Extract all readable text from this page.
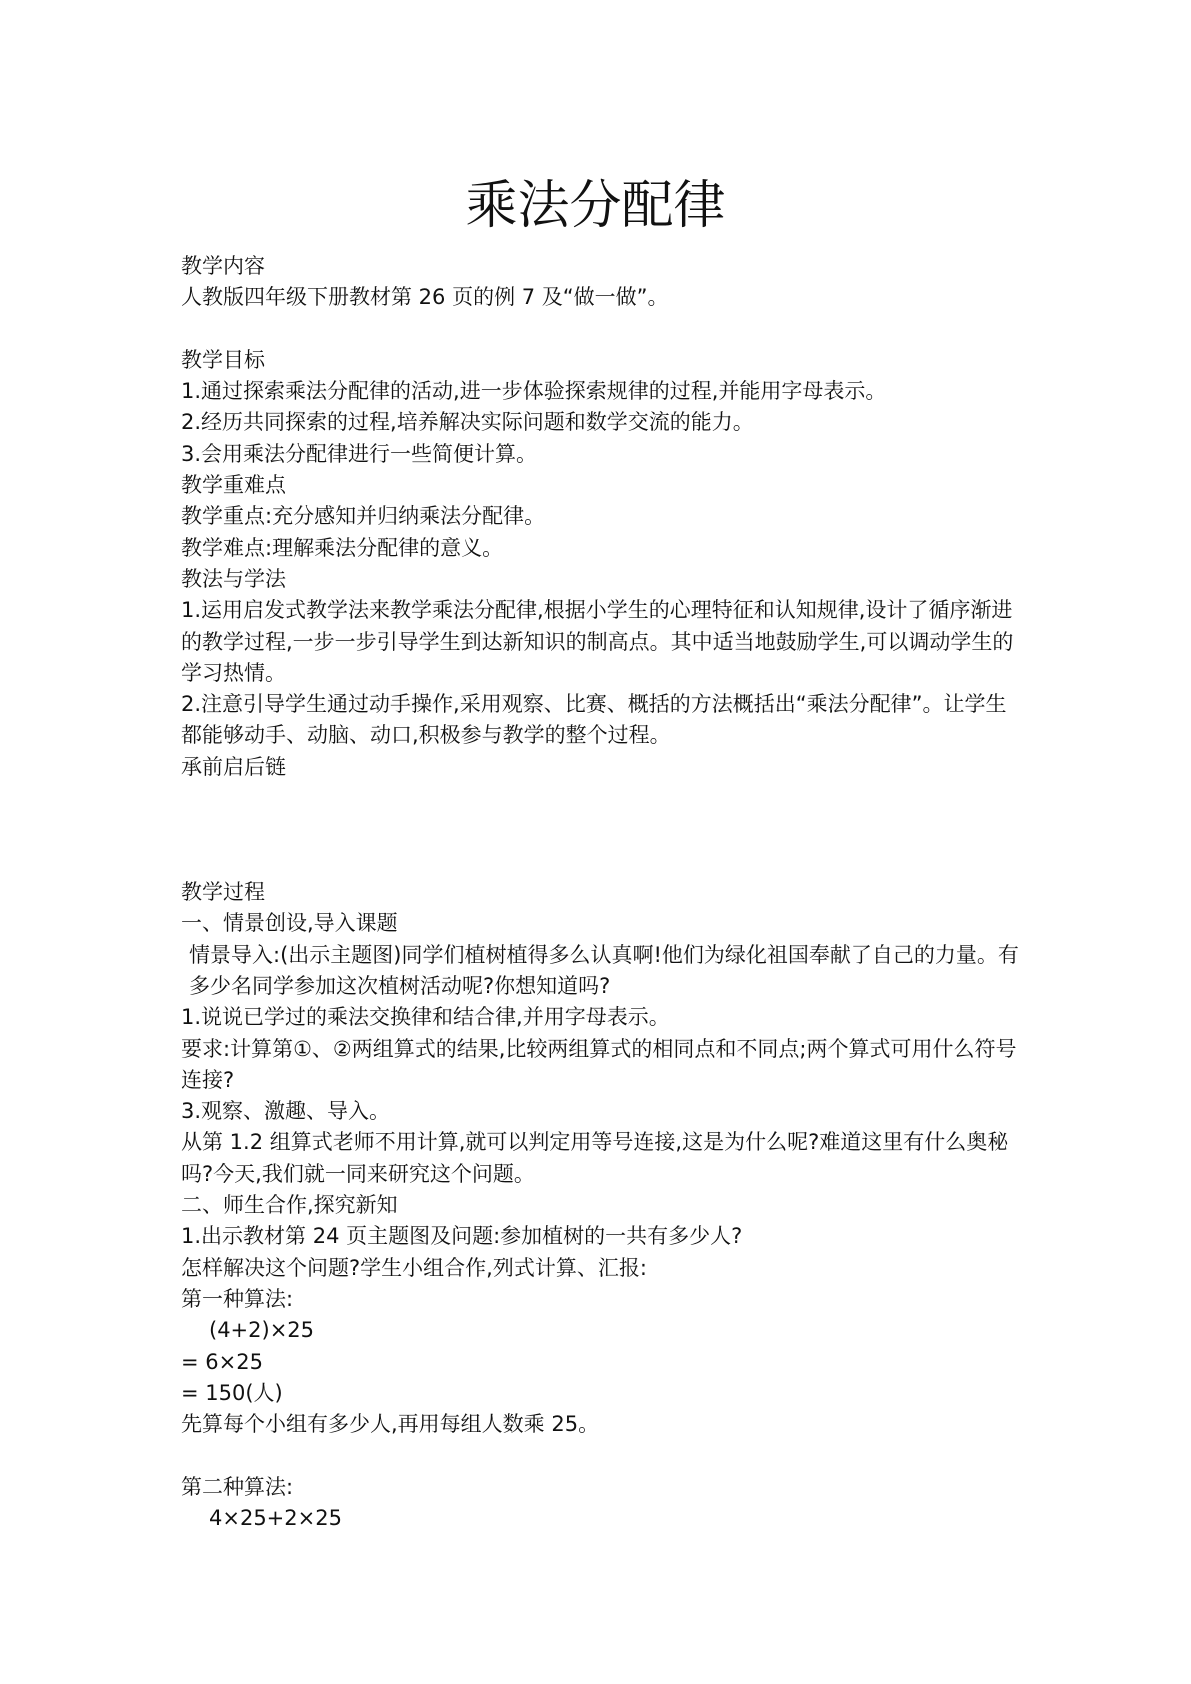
乘法分配律
教学内容
人教版四年级下册教材第 26 页的例 7 及“做一做”。
教学目标
1.通过探索乘法分配律的活动,进一步体验探索规律的过程,并能用字母表示。
2.经历共同探索的过程,培养解决实际问题和数学交流的能力。
3.会用乘法分配律进行一些简便计算。
教学重难点
教学重点:充分感知并归纳乘法分配律。
教学难点:理解乘法分配律的意义。
教法与学法
1.运用启发式教学法来教学乘法分配律,根据小学生的心理特征和认知规律,设计了循序渐进的教学过程,一步一步引导学生到达新知识的制高点。其中适当地鼓励学生,可以调动学生的学习热情。
2.注意引导学生通过动手操作,采用观察、比赛、概括的方法概括出“乘法分配律”。让学生都能够动手、动脑、动口,积极参与教学的整个过程。
承前启后链
教学过程
一、情景创设,导入课题
情景导入:(出示主题图)同学们植树植得多么认真啊!他们为绿化祖国奉献了自己的力量。有多少名同学参加这次植树活动呢?你想知道吗?
1.说说已学过的乘法交换律和结合律,并用字母表示。
要求:计算第①、②两组算式的结果,比较两组算式的相同点和不同点;两个算式可用什么符号连接?
3.观察、激趣、导入。
从第 1.2 组算式老师不用计算,就可以判定用等号连接,这是为什么呢?难道这里有什么奥秘吗?今天,我们就一同来研究这个问题。
二、师生合作,探究新知
1.出示教材第 24 页主题图及问题:参加植树的一共有多少人?
怎样解决这个问题?学生小组合作,列式计算、汇报:
第一种算法:
(4+2)×25
= 6×25
= 150(人)
先算每个小组有多少人,再用每组人数乘 25。
第二种算法:
4×25+2×25
